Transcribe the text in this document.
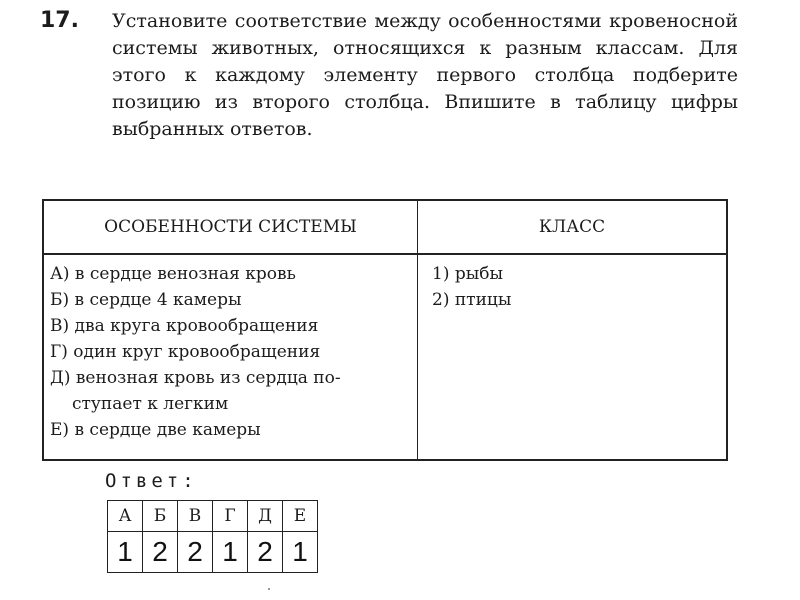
17. Установите соответствие между особенностями кровеносной системы животных, относящихся к разным классам. Для этого к каждому элементу первого столбца подберите позицию из второго столбца. Впишите в таблицу цифры выбранных ответов.
ОСОБЕННОСТИ СИСТЕМЫ	КЛАСС
А) в сердце венозная кровь
Б) в сердце 4 камеры
В) два круга кровообращения
Г) один круг кровообращения
Д) венозная кровь из сердца по-
ступает к легким
Е) в сердце две камеры
1) рыбы
2) птицы
Ответ:
А	Б	В	Г	Д	Е
1	2	2	1	2	1
